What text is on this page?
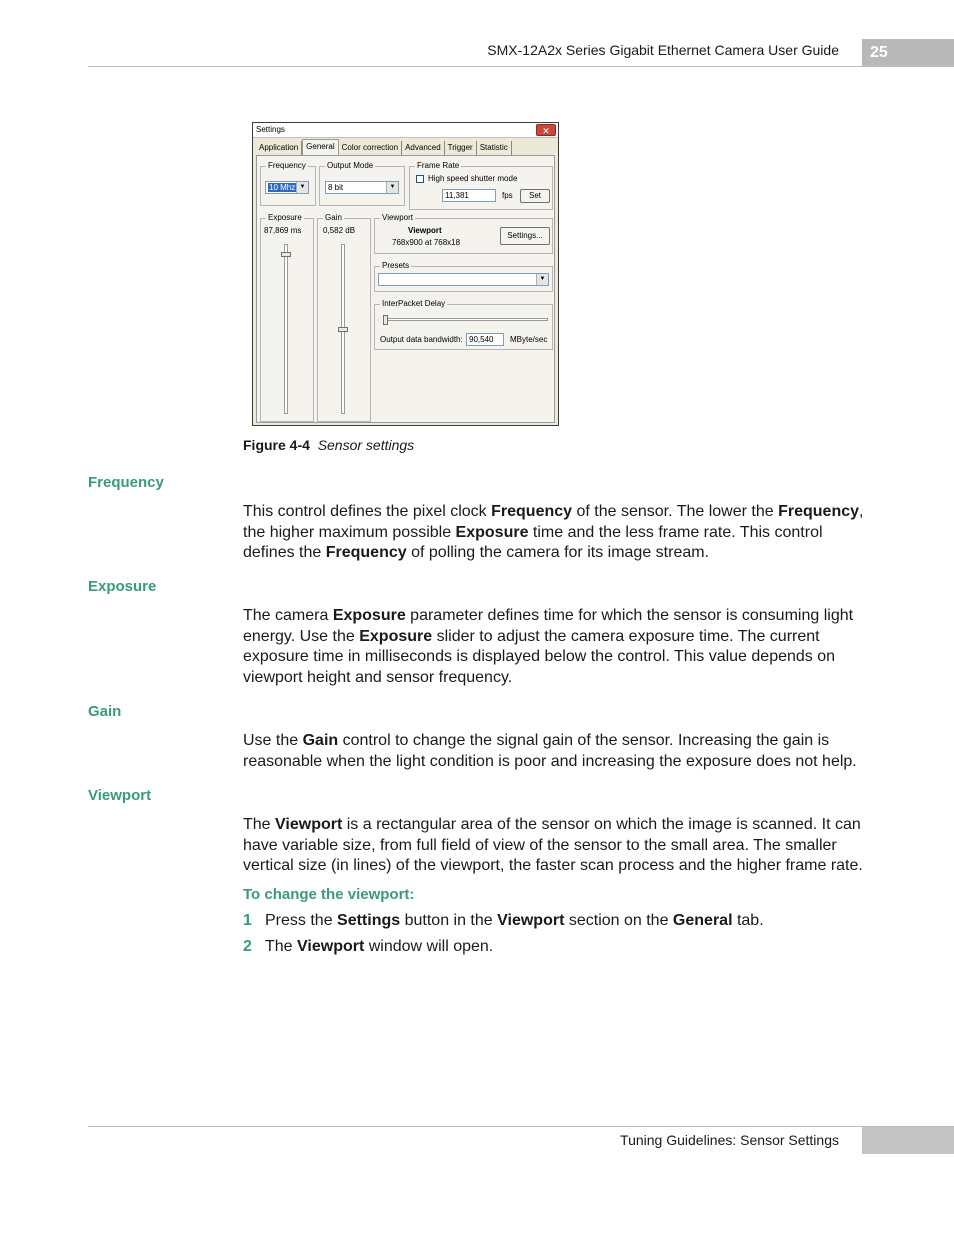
SMX-12A2x Series Gigabit Ethernet Camera User Guide	25
Settings	✕
Application	General Color correction Advanced Trigger Statistic
Frequency
10 Mhz ▼
Output Mode
8 bit	▼
Frame Rate
High speed shutter mode
11,381	fps	Set
Exposure
87,869 ms
Gain
0,582 dB
Viewport
Viewport
768x900 at 768x18
Settings...
Presets
▼
InterPacket Delay
Output data bandwidth: 90,540	MByte/sec
Figure 4-4 Sensor settings
Frequency
This control defines the pixel clock Frequency of the sensor. The lower the Frequency, the higher maximum possible Exposure time and the less frame rate. This control defines the Frequency of polling the camera for its image stream.
Exposure
The camera Exposure parameter defines time for which the sensor is consuming light energy. Use the Exposure slider to adjust the camera exposure time. The current exposure time in milliseconds is displayed below the control. This value depends on viewport height and sensor frequency.
Gain
Use the Gain control to change the signal gain of the sensor. Increasing the gain is reasonable when the light condition is poor and increasing the exposure does not help.
Viewport
The Viewport is a rectangular area of the sensor on which the image is scanned. It can have variable size, from full field of view of the sensor to the small area. The smaller vertical size (in lines) of the viewport, the faster scan process and the higher frame rate.
To change the viewport:
1 Press the Settings button in the Viewport section on the General tab.
2 The Viewport window will open.
Tuning Guidelines: Sensor Settings
